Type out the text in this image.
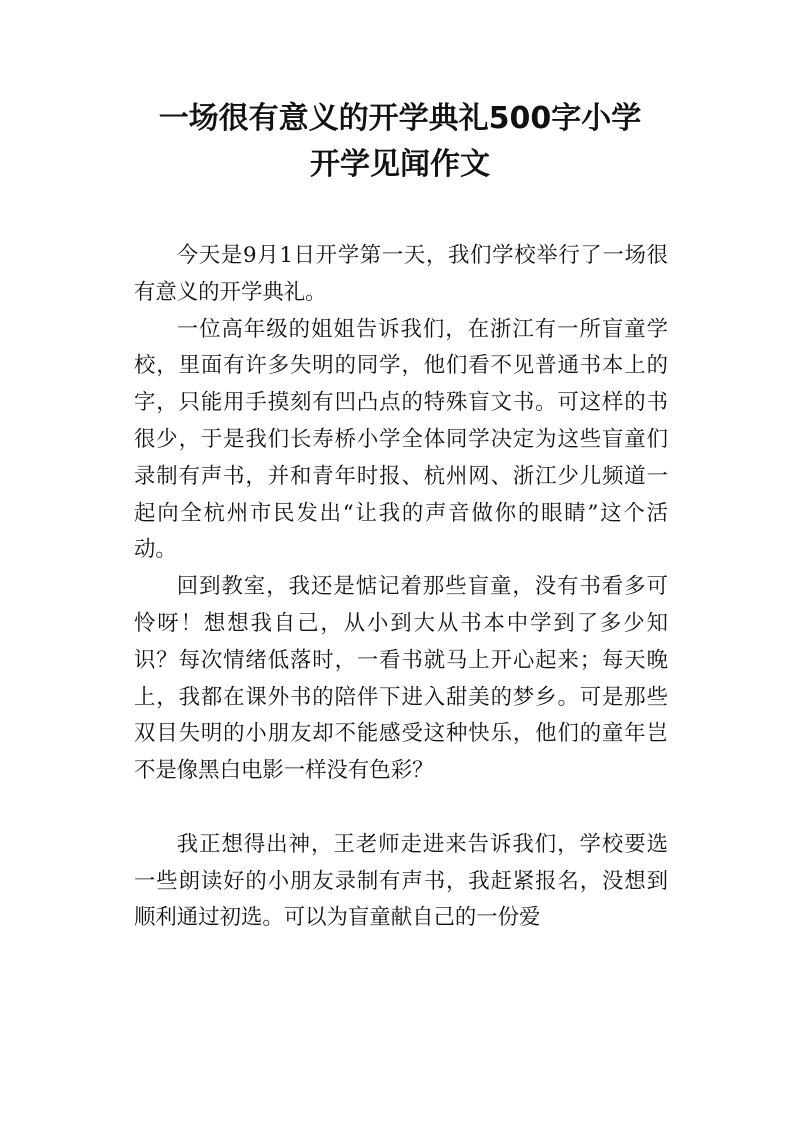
一场很有意义的开学典礼500字小学
开学见闻作文

今天是9月1日开学第一天，我们学校举行了一场很有意义的开学典礼。

一位高年级的姐姐告诉我们，在浙江有一所盲童学校，里面有许多失明的同学，他们看不见普通书本上的字，只能用手摸刻有凹凸点的特殊盲文书。可这样的书很少，于是我们长寿桥小学全体同学决定为这些盲童们录制有声书，并和青年时报、杭州网、浙江少儿频道一起向全杭州市民发出“让我的声音做你的眼睛”这个活动。

回到教室，我还是惦记着那些盲童，没有书看多可怜呀！想想我自己，从小到大从书本中学到了多少知识？每次情绪低落时，一看书就马上开心起来；每天晚上，我都在课外书的陪伴下进入甜美的梦乡。可是那些双目失明的小朋友却不能感受这种快乐，他们的童年岂不是像黑白电影一样没有色彩？

我正想得出神，王老师走进来告诉我们，学校要选一些朗读好的小朋友录制有声书，我赶紧报名，没想到顺利通过初选。可以为盲童献自己的一份爱
